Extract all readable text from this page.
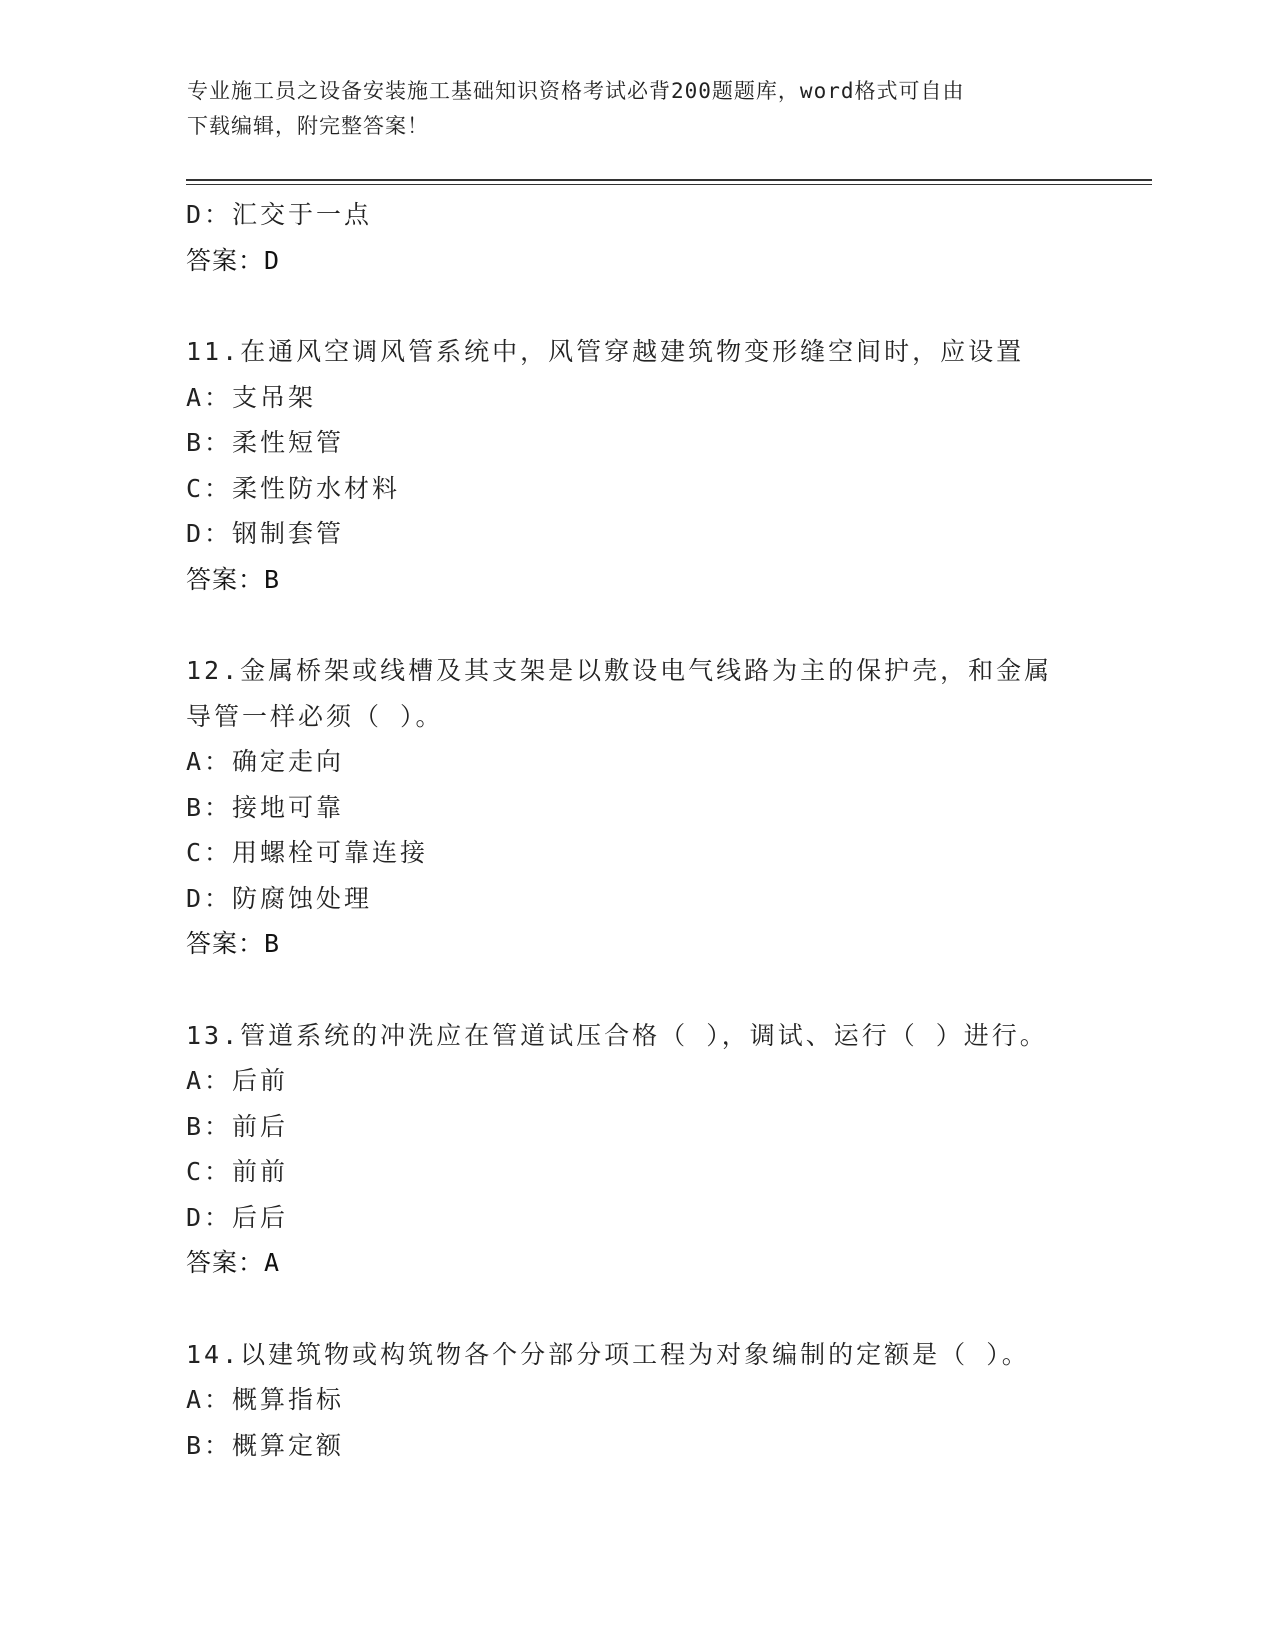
专业施工员之设备安装施工基础知识资格考试必背200题题库，word格式可自由
下载编辑，附完整答案！
D：汇交于一点
答案：D
11.在通风空调风管系统中，风管穿越建筑物变形缝空间时，应设置
A：支吊架
B：柔性短管
C：柔性防水材料
D：钢制套管
答案：B
12.金属桥架或线槽及其支架是以敷设电气线路为主的保护壳，和金属
导管一样必须（ ）。
A：确定走向
B：接地可靠
C：用螺栓可靠连接
D：防腐蚀处理
答案：B
13.管道系统的冲洗应在管道试压合格（ ），调试、运行（ ）进行。
A：后前
B：前后
C：前前
D：后后
答案：A
14.以建筑物或构筑物各个分部分项工程为对象编制的定额是（ ）。
A：概算指标
B：概算定额
